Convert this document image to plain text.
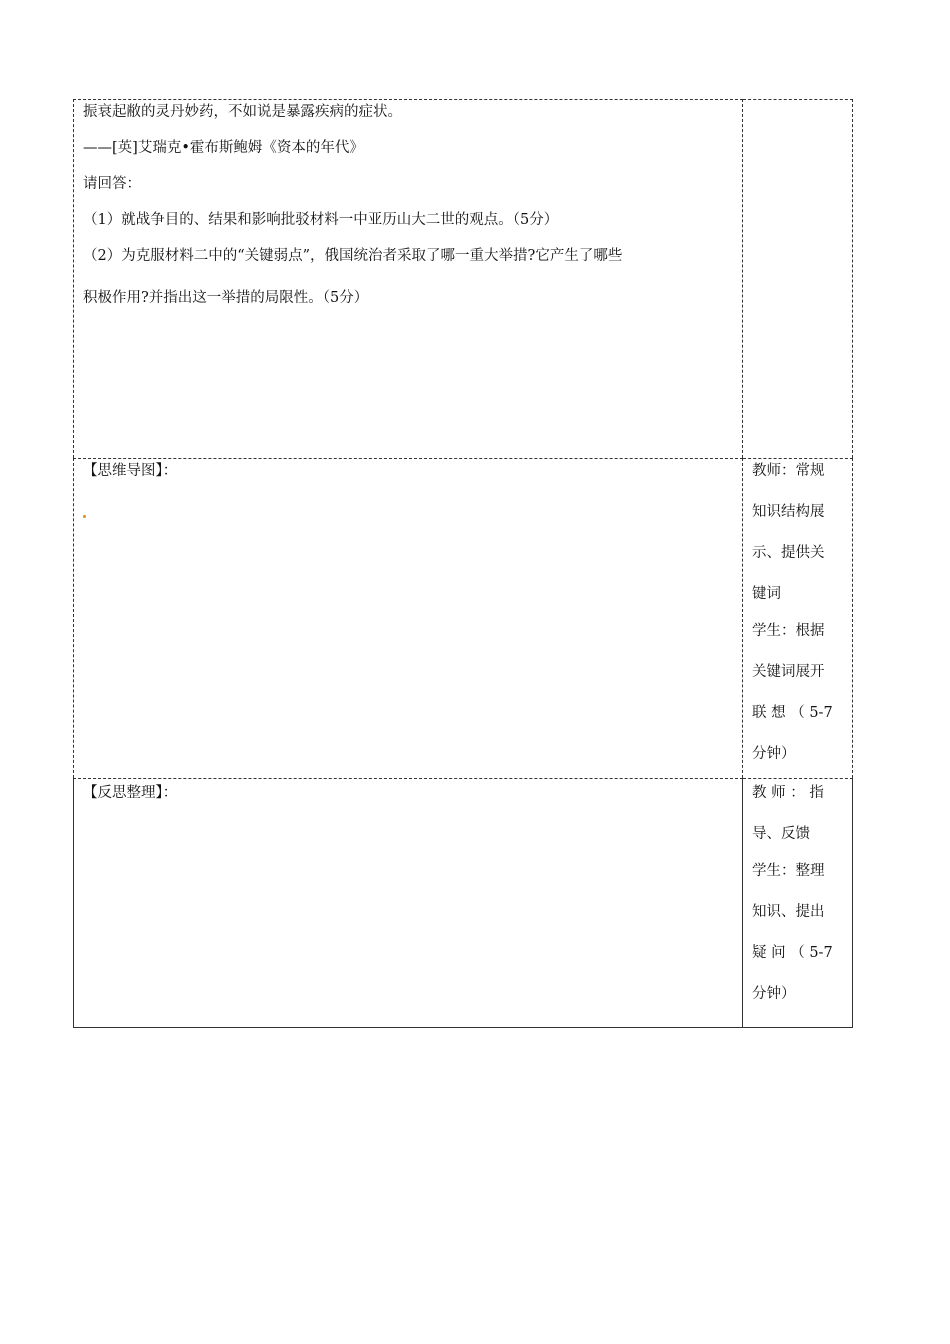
振衰起敝的灵丹妙药，不如说是暴露疾病的症状。
——[英]艾瑞克•霍布斯鲍姆《资本的年代》
请回答：
（1）就战争目的、结果和影响批驳材料一中亚历山大二世的观点。（5分）
（2）为克服材料二中的“关键弱点”，俄国统治者采取了哪一重大举措?它产生了哪些
积极作用?并指出这一举措的局限性。（5分）
【思维导图】：	教师：常规
知识结构展
示、提供关
键词
学生：根据
关键词展开
联 想 （ 5-7
分钟）
【反思整理】：	教 师 ： 指
导、反馈
学生：整理
知识、提出
疑 问 （ 5-7
分钟）
